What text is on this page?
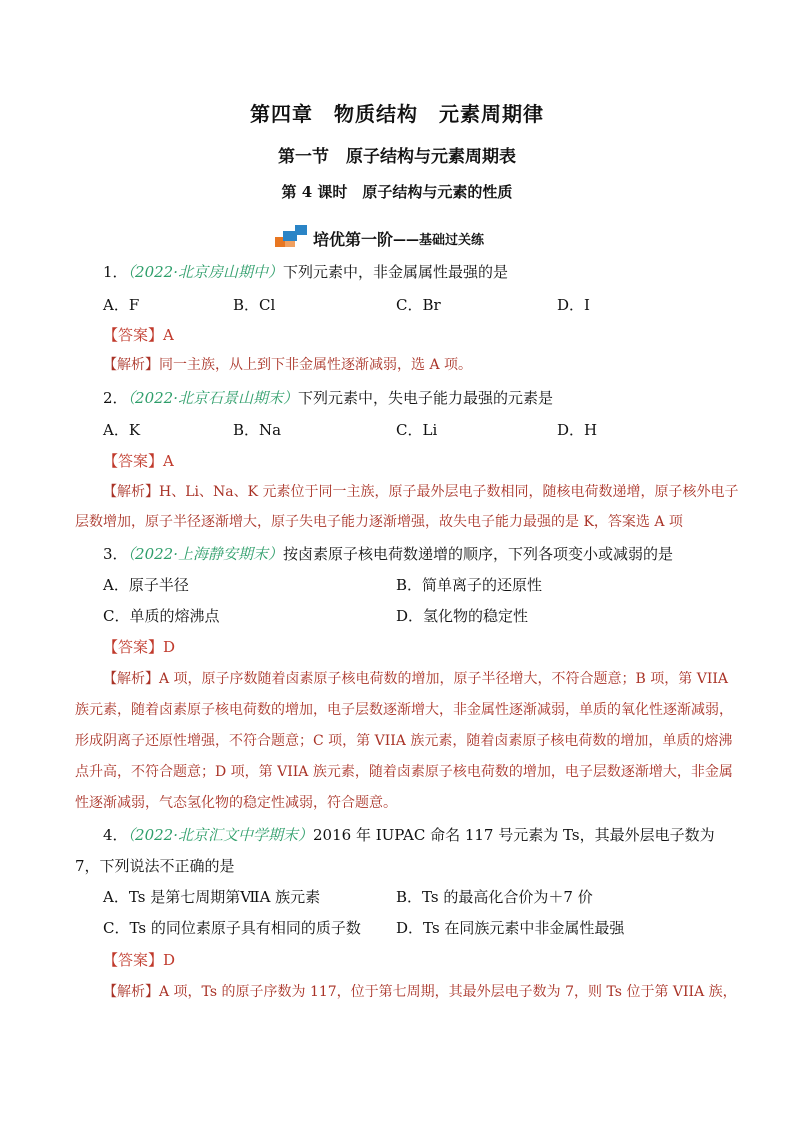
第四章　物质结构　元素周期律
第一节　原子结构与元素周期表
第 4 课时　原子结构与元素的性质
培优第一阶 ——基础过关练
1．（2022·北京房山期中）下列元素中，非金属属性最强的是
A．F	B．Cl	C．Br	D．I
【答案】A
【解析】同一主族，从上到下非金属性逐渐减弱，选 A 项。
2．（2022·北京石景山期末）下列元素中，失电子能力最强的元素是
A．K	B．Na	C．Li	D．H
【答案】A
【解析】H、Li、Na、K 元素位于同一主族，原子最外层电子数相同，随核电荷数递增，原子核外电子
层数增加，原子半径逐渐增大，原子失电子能力逐渐增强，故失电子能力最强的是 K，答案选 A 项
3．（2022·上海静安期末）按卤素原子核电荷数递增的顺序，下列各项变小或减弱的是
A．原子半径	B．简单离子的还原性
C．单质的熔沸点	D．氢化物的稳定性
【答案】D
【解析】A 项，原子序数随着卤素原子核电荷数的增加，原子半径增大，不符合题意；B 项，第 VIIA
族元素，随着卤素原子核电荷数的增加，电子层数逐渐增大，非金属性逐渐减弱，单质的氧化性逐渐减弱，
形成阴离子还原性增强，不符合题意；C 项，第 VIIA 族元素，随着卤素原子核电荷数的增加，单质的熔沸
点升高，不符合题意；D 项，第 VIIA 族元素，随着卤素原子核电荷数的增加，电子层数逐渐增大，非金属
性逐渐减弱，气态氢化物的稳定性减弱，符合题意。
4．（2022·北京汇文中学期末）2016 年 IUPAC 命名 117 号元素为 Ts，其最外层电子数为
7，下列说法不正确的是
A．Ts 是第七周期第ⅦA 族元素	B．Ts 的最高化合价为＋7 价
C．Ts 的同位素原子具有相同的质子数 D．Ts 在同族元素中非金属性最强
【答案】D
【解析】A 项，Ts 的原子序数为 117，位于第七周期，其最外层电子数为 7，则 Ts 位于第 VIIA 族，
